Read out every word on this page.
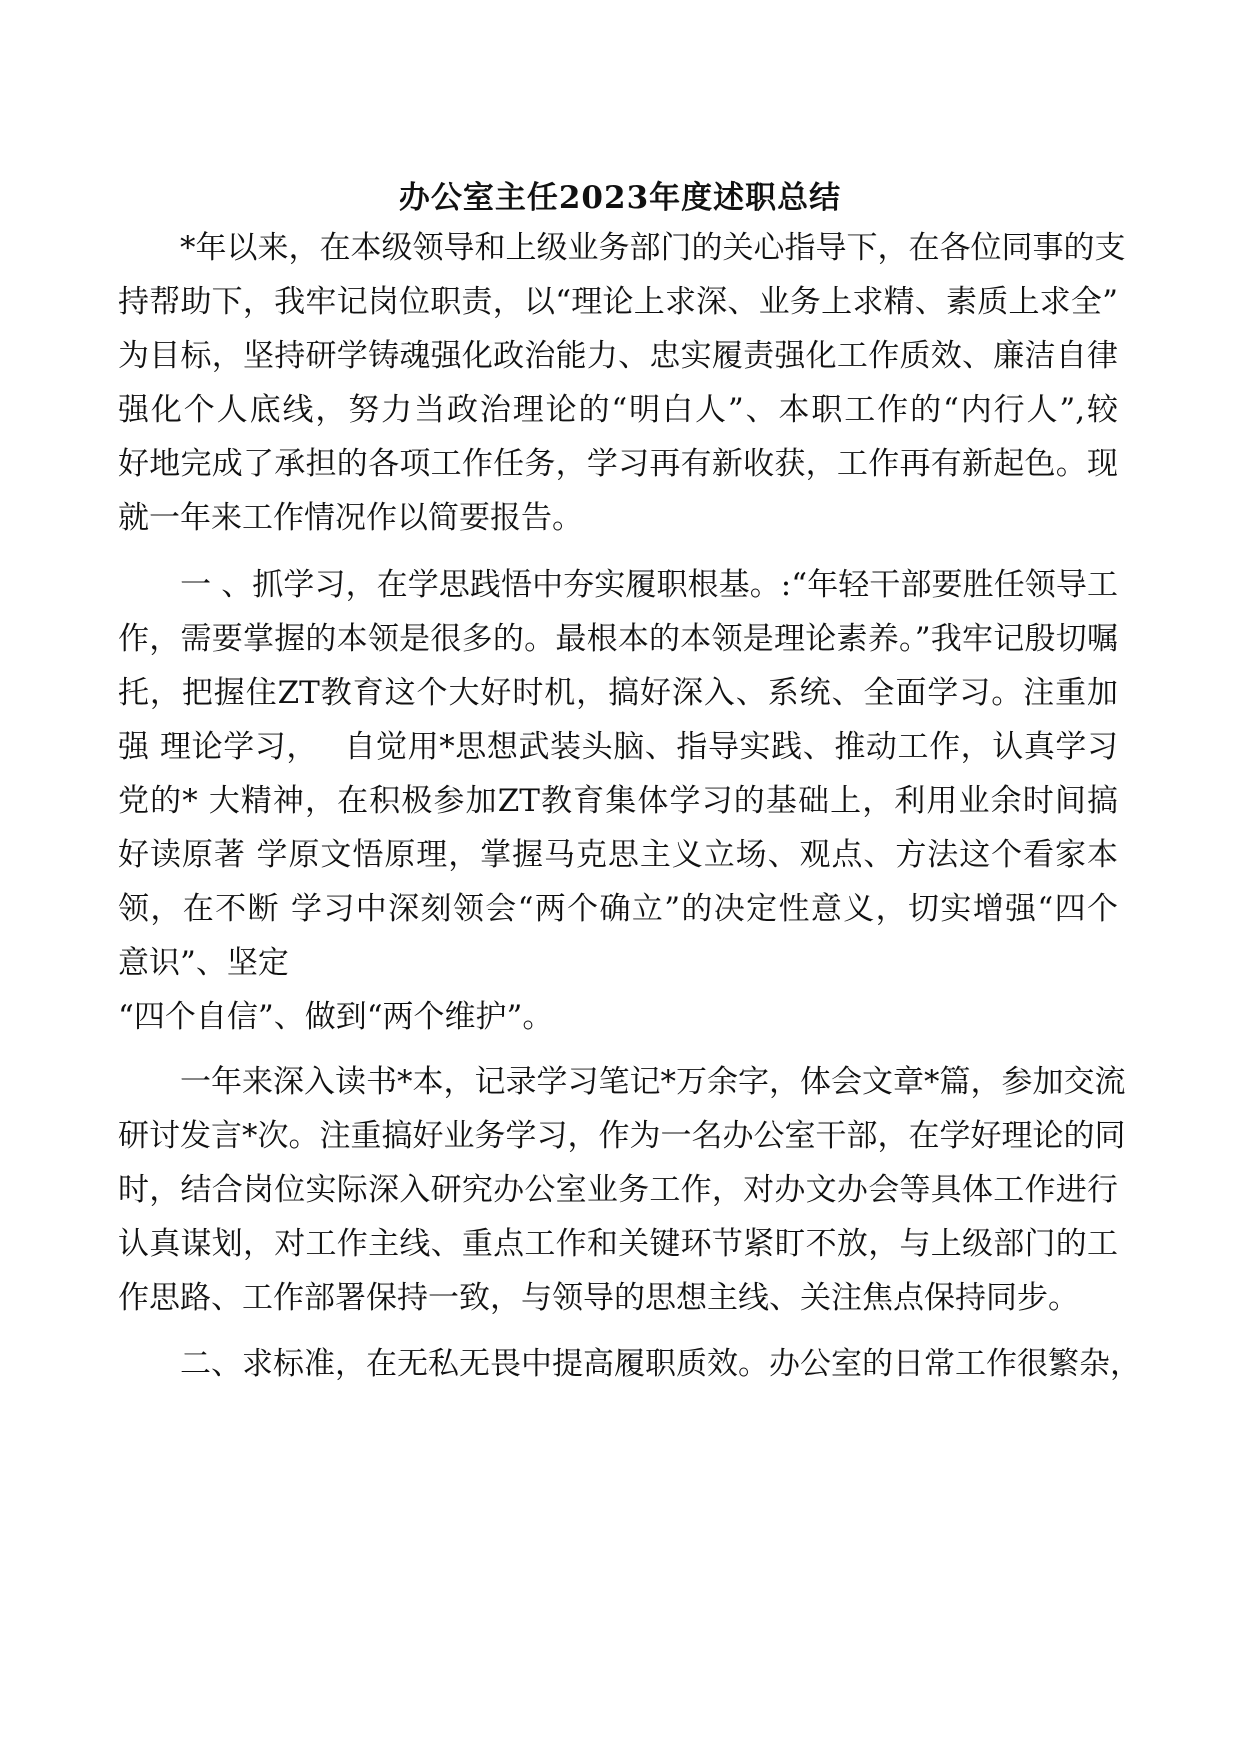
办公室主任2023年度述职总结
　　*年以来，在本级领导和上级业务部门的关心指导下，在各位同事的支
持帮助下，我牢记岗位职责，以“理论上求深、业务上求精、素质上求全”
为目标，坚持研学铸魂强化政治能力、忠实履责强化工作质效、廉洁自律
强化个人底线，努力当政治理论的“明白人”、本职工作的“内行人”,较
好地完成了承担的各项工作任务，学习再有新收获，工作再有新起色。现
就一年来工作情况作以简要报告。
　　一 、抓学习，在学思践悟中夯实履职根基。:“年轻干部要胜任领导工
作，需要掌握的本领是很多的。最根本的本领是理论素养。”我牢记殷切嘱
托，把握住ZT教育这个大好时机，搞好深入、系统、全面学习。注重加
强 理论学习，　 自觉用*思想武装头脑、指导实践、推动工作，认真学习
党的* 大精神，在积极参加ZT教育集体学习的基础上，利用业余时间搞
好读原著 学原文悟原理，掌握马克思主义立场、观点、方法这个看家本
领，在不断 学习中深刻领会“两个确立”的决定性意义，切实增强“四个
意识”、坚定
“四个自信”、做到“两个维护”。
　　一年来深入读书*本，记录学习笔记*万余字，体会文章*篇，参加交流
研讨发言*次。注重搞好业务学习，作为一名办公室干部，在学好理论的同
时，结合岗位实际深入研究办公室业务工作，对办文办会等具体工作进行
认真谋划，对工作主线、重点工作和关键环节紧盯不放，与上级部门的工
作思路、工作部署保持一致，与领导的思想主线、关注焦点保持同步。
　　二、求标准，在无私无畏中提高履职质效。办公室的日常工作很繁杂，
